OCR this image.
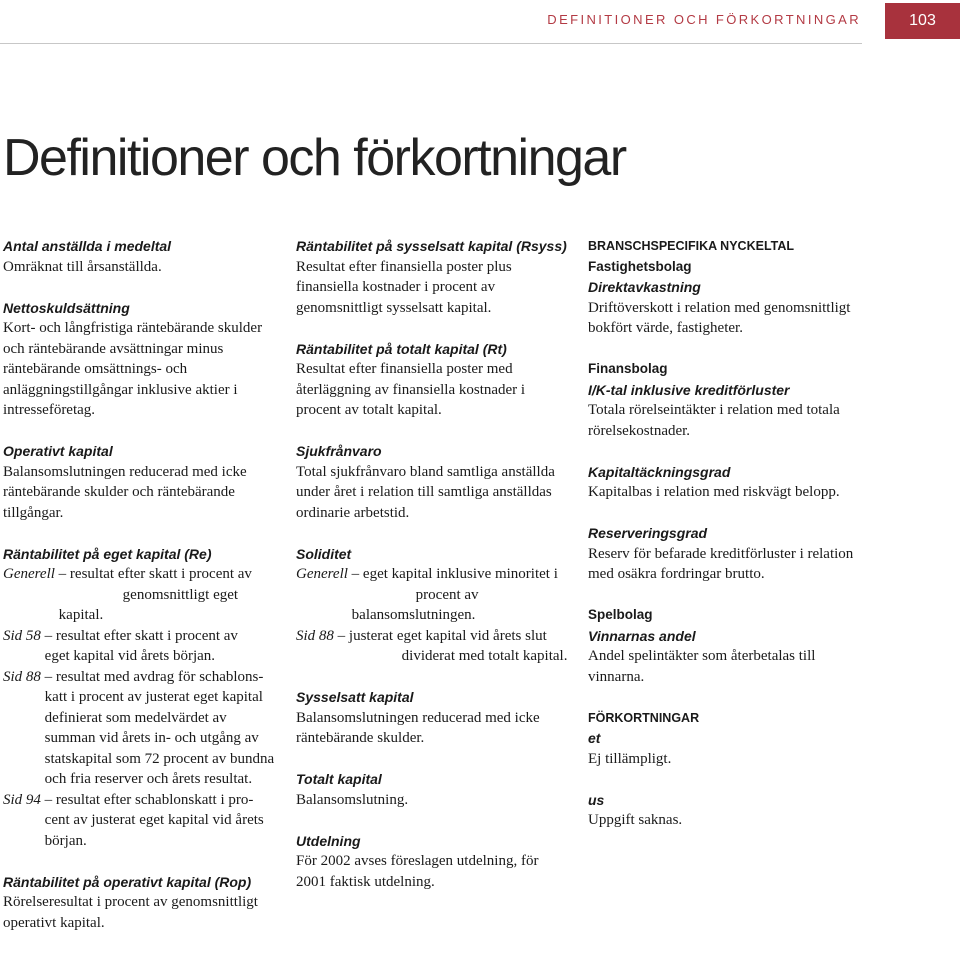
DEFINITIONER OCH FÖRKORTNINGAR	103
Definitioner och förkortningar

Antal anställda i medeltal

Omräknat till årsanställda.

Nettoskuldsättning

Kort- och långfristiga räntebärande skulder och räntebärande avsättningar minus räntebärande omsättnings- och anläggningstillgångar inklusive aktier i intresseföretag.

Operativt kapital

Balansomslutningen reducerad med icke räntebärande skulder och räntebärande tillgångar.

Räntabilitet på eget kapital (Re)

Generell
– resultat efter skatt i procent av
genomsnittligt eget kapital.
Sid 58
– resultat efter skatt i procent av
eget kapital vid årets början.
Sid 88
– resultat med avdrag för schablons-
katt i procent av justerat eget kapital definierat som medelvärdet av summan vid årets in- och utgång av statskapital som 72 procent av bundna och fria reserver och årets resultat.
Sid 94
– resultat efter schablonskatt i pro-
cent av justerat eget kapital vid årets början.

Räntabilitet på operativt kapital (Rop)

Rörelseresultat i procent av genomsnittligt operativt kapital.

Räntabilitet på sysselsatt kapital (Rsyss)

Resultat efter finansiella poster plus finansiella kostnader i procent av genomsnittligt sysselsatt kapital.

Räntabilitet på totalt kapital (Rt)

Resultat efter finansiella poster med återläggning av finansiella kostnader i procent av totalt kapital.

Sjukfrånvaro

Total sjukfrånvaro bland samtliga anställda under året i relation till samtliga anställdas ordinarie arbetstid.

Soliditet

Generell
– eget kapital inklusive minoritet i
procent av balansomslutningen.
Sid 88
– justerat eget kapital vid årets slut
dividerat med totalt kapital.

Sysselsatt kapital

Balansomslutningen reducerad med icke räntebärande skulder.

Totalt kapital

Balansomslutning.

Utdelning

För 2002 avses föreslagen utdelning, för 2001 faktisk utdelning.

BRANSCHSPECIFIKA NYCKELTAL

Fastighetsbolag

Direktavkastning

Driftöverskott i relation med genomsnittligt bokfört värde, fastigheter.

Finansbolag

I/K-tal inklusive kreditförluster

Totala rörelseintäkter i relation med totala rörelsekostnader.

Kapitaltäckningsgrad

Kapitalbas i relation med riskvägt belopp.

Reserveringsgrad

Reserv för befarade kreditförluster i relation med osäkra fordringar brutto.

Spelbolag

Vinnarnas andel

Andel spelintäkter som återbetalas till vinnarna.

FÖRKORTNINGAR

et

Ej tillämpligt.

us

Uppgift saknas.
